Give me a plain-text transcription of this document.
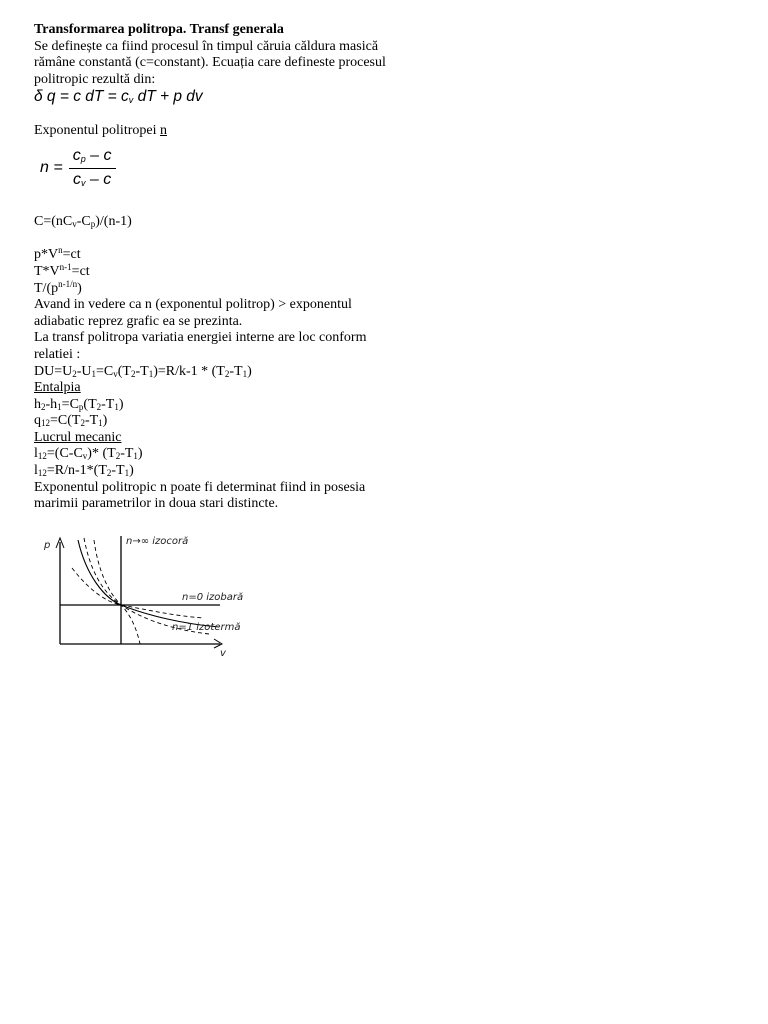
Transformarea politropa. Transf generala

Se definește ca fiind procesul în timpul căruia căldura masică

rămâne constantă (c=constant). Ecuația care defineste procesul

politropic rezultă din:

δ q = c dT = $c_v$ dT + p dv

Exponentul politropei n

$n = \frac{c_p - c}{c_v - c}$

$C=(nC_v-C_p)/(n-1)$

$p*V^n=ct$

$T*V^{n-1}=ct$

$T/(p^{n-1/n})$

Avand in vedere ca n (exponentul politrop) > exponentul

adiabatic reprez grafic ea se prezinta.

La transf politropa variatia energiei interne are loc conform

relatiei :

$DU=U_2-U_1=C_v(T_2-T_1)=R/k-1 * (T_2-T_1)$

Entalpia

$h_2-h_1=C_p(T_2-T_1)$

$q_{12}=C(T_2-T_1)$

Lucrul mecanic

$l_{12}=(C-C_v)*$ $(T_2-T_1)$

$l_{12}=R/n-1*(T_2-T_1)$

Exponentul politropic n poate fi determinat fiind in posesia

marimii parametrilor in doua stari distincte.

p
v
n→∞ izocoră
n=0 izobară
n=1 izotermă
